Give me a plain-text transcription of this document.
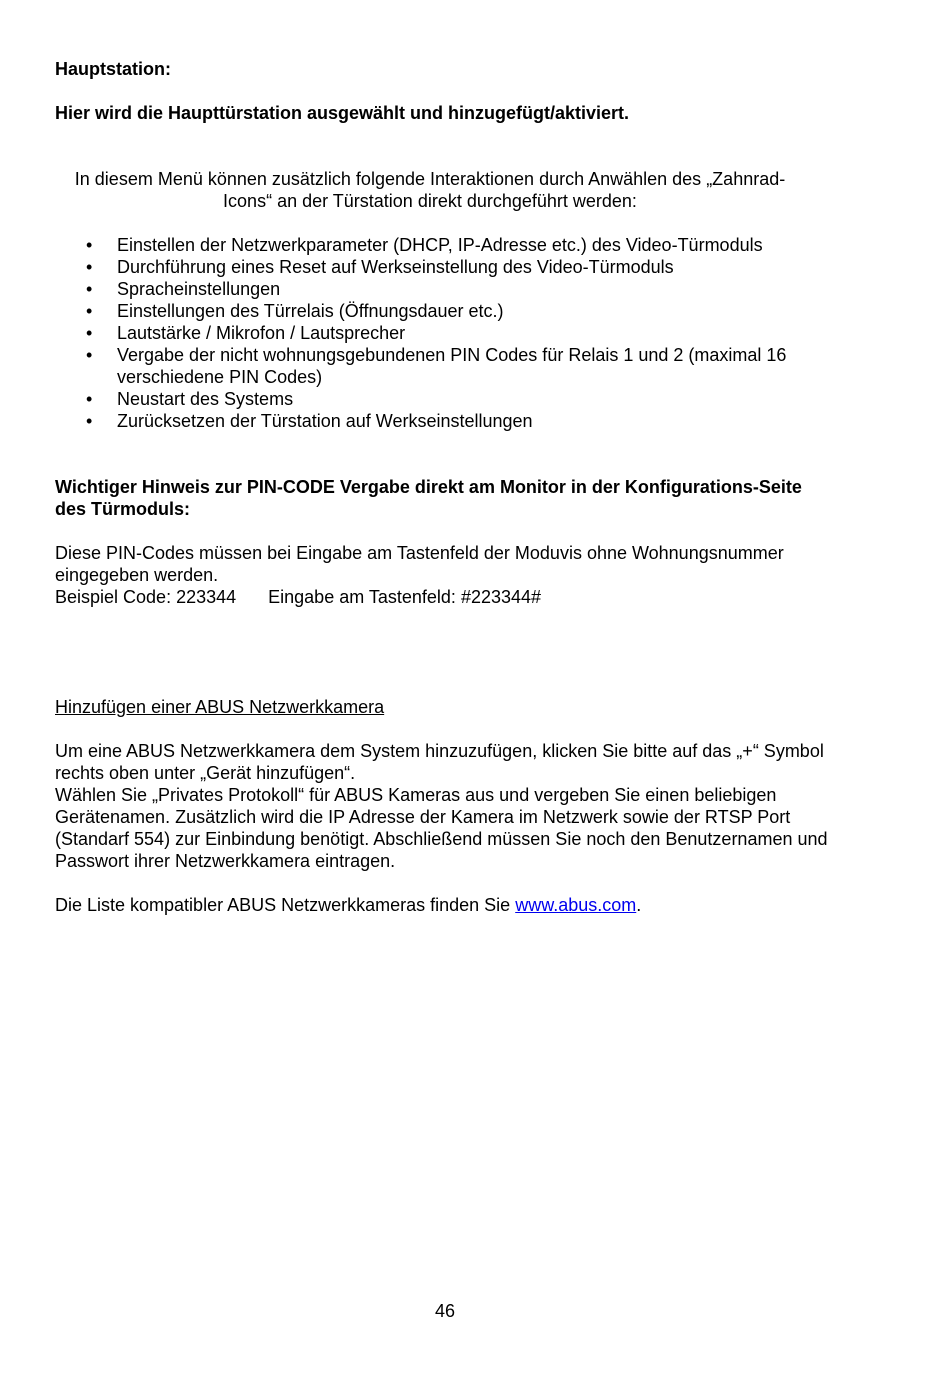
Hauptstation:

Hier wird die Haupttürstation ausgewählt und hinzugefügt/aktiviert.

In diesem Menü können zusätzlich folgende Interaktionen durch Anwählen des „Zahnrad-
Icons“ an der Türstation direkt durchgeführt werden:

• Einstellen der Netzwerkparameter (DHCP, IP-Adresse etc.) des Video-Türmoduls
• Durchführung eines Reset auf Werkseinstellung des Video-Türmoduls
• Spracheinstellungen
• Einstellungen des Türrelais (Öffnungsdauer etc.)
• Lautstärke / Mikrofon / Lautsprecher
• Vergabe der nicht wohnungsgebundenen PIN Codes für Relais 1 und 2 (maximal 16 verschiedene PIN Codes)
• Neustart des Systems
• Zurücksetzen der Türstation auf Werkseinstellungen

Wichtiger Hinweis zur PIN-CODE Vergabe direkt am Monitor in der Konfigurations-Seite des Türmoduls:

Diese PIN-Codes müssen bei Eingabe am Tastenfeld der Moduvis ohne Wohnungsnummer eingegeben werden.
Beispiel Code: 223344 Eingabe am Tastenfeld: #223344#

Hinzufügen einer ABUS Netzwerkkamera

Um eine ABUS Netzwerkkamera dem System hinzuzufügen, klicken Sie bitte auf das „+“ Symbol rechts oben unter „Gerät hinzufügen“.
Wählen Sie „Privates Protokoll“ für ABUS Kameras aus und vergeben Sie einen beliebigen Gerätenamen. Zusätzlich wird die IP Adresse der Kamera im Netzwerk sowie der RTSP Port (Standarf 554) zur Einbindung benötigt. Abschließend müssen Sie noch den Benutzernamen und Passwort ihrer Netzwerkkamera eintragen.

Die Liste kompatibler ABUS Netzwerkkameras finden Sie www.abus.com.

46
